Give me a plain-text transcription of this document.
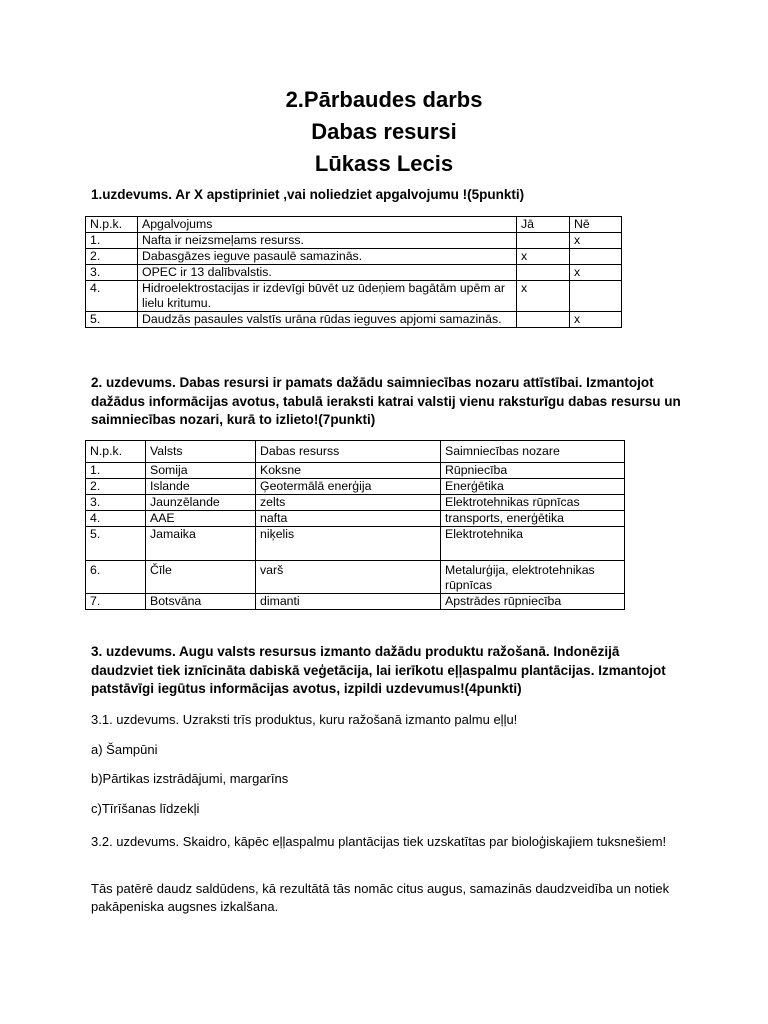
2.Pārbaudes darbs
Dabas resursi
Lūkass Lecis
1.uzdevums. Ar X apstipriniet ,vai noliedziet apgalvojumu !(5punkti)
N.p.k.	Apgalvojums	Jā	Nē
1.	Nafta ir neizsmeļams resurss.		x
2.	Dabasgāzes ieguve pasaulē samazinās.	x	
3.	OPEC ir 13 dalībvalstis.		x
4.	Hidroelektrostacijas ir izdevīgi būvēt uz ūdeņiem bagātām upēm ar lielu kritumu.	x	
5.	Daudzās pasaules valstīs urāna rūdas ieguves apjomi samazinās.		x
2. uzdevums. Dabas resursi ir pamats dažādu saimniecības nozaru attīstībai. Izmantojot dažādus informācijas avotus, tabulā ieraksti katrai valstij vienu raksturīgu dabas resursu un saimniecības nozari, kurā to izlieto!(7punkti)
N.p.k.	Valsts	Dabas resurss	Saimniecības nozare
1.	Somija	Koksne	Rūpniecība
2.	Islande	Ģeotermālā enerģija	Enerģētika
3.	Jaunzēlande	zelts	Elektrotehnikas rūpnīcas
4.	AAE	nafta	transports, enerģētika
5.	Jamaika	niķelis	Elektrotehnika
6.	Čīle	varš	Metalurģija, elektrotehnikas rūpnīcas
7.	Botsvāna	dimanti	Apstrādes rūpniecība
3. uzdevums. Augu valsts resursus izmanto dažādu produktu ražošanā. Indonēzijā daudzviet tiek iznīcināta dabiskā veģetācija, lai ierīkotu eļļaspalmu plantācijas. Izmantojot patstāvīgi iegūtus informācijas avotus, izpildi uzdevumus!(4punkti)
3.1. uzdevums. Uzraksti trīs produktus, kuru ražošanā izmanto palmu eļļu!
a) Šampūni
b)Pārtikas izstrādājumi, margarīns
c)Tīrīšanas līdzekļi
3.2. uzdevums. Skaidro, kāpēc eļļaspalmu plantācijas tiek uzskatītas par bioloģiskajiem tuksnešiem!
Tās patērē daudz saldūdens, kā rezultātā tās nomāc citus augus, samazinās daudzveidība un notiek pakāpeniska augsnes izkalšana.
